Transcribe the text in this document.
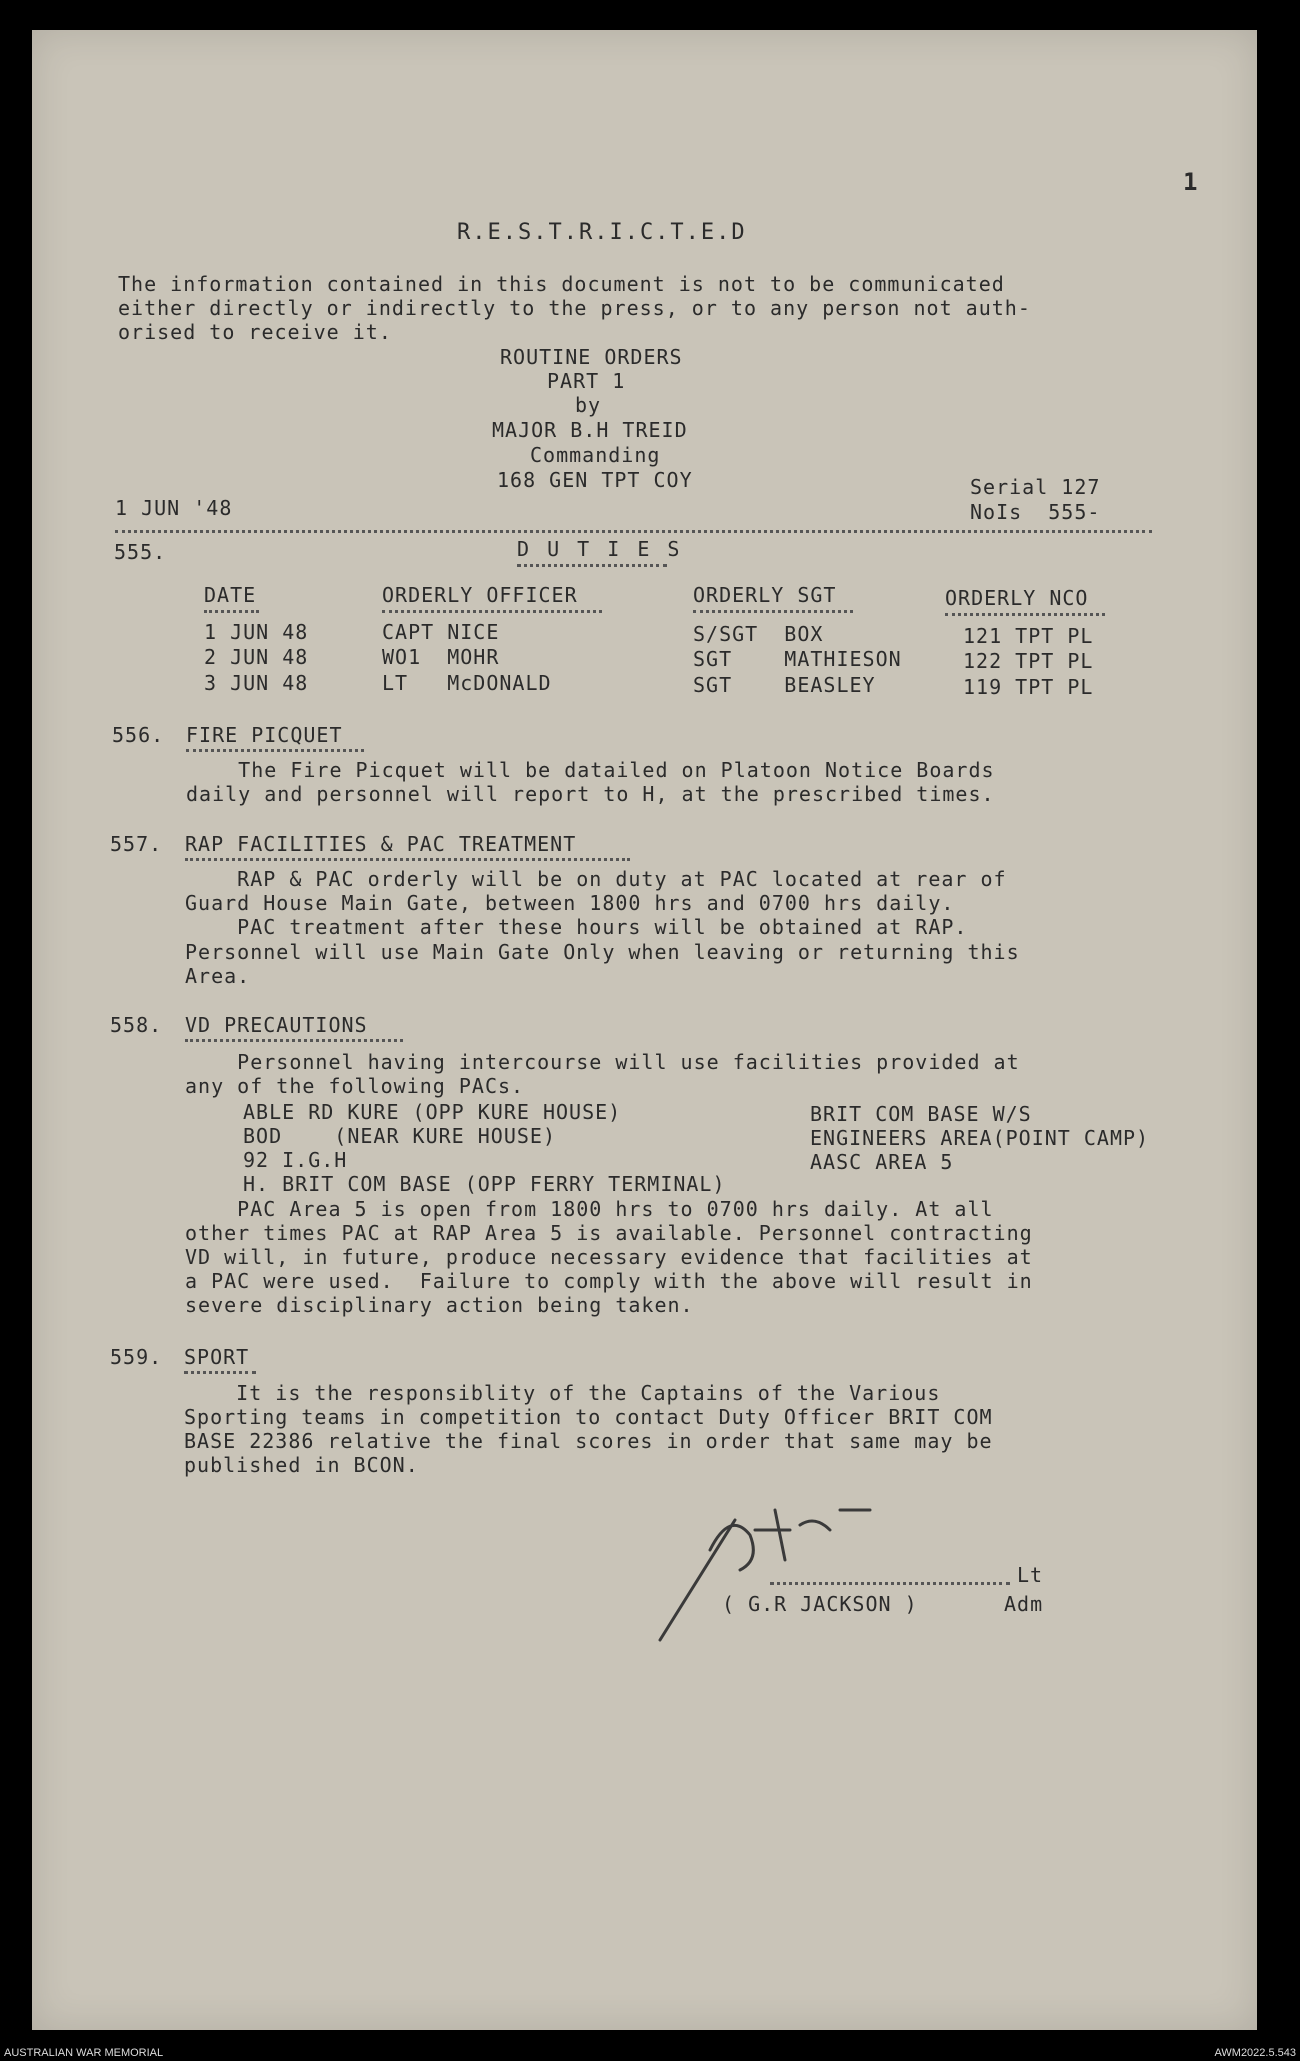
1
R.E.S.T.R.I.C.T.E.D
The information contained in this document is not to be communicated
either directly or indirectly to the press, or to any person not auth-
orised to receive it.
ROUTINE ORDERS
PART 1
by
MAJOR B.H TREID
Commanding
168 GEN TPT COY	Serial 127
1 JUN '48	NoIs  555-
555.	D U T I E S
DATE	ORDERLY OFFICER	ORDERLY SGT	ORDERLY NCO
1 JUN 48	CAPT NICE	S/SGT  BOX	121 TPT PL
2 JUN 48	WO1  MOHR	SGT    MATHIESON	122 TPT PL
3 JUN 48	LT   McDONALD	SGT    BEASLEY	119 TPT PL
556. FIRE PICQUET
The Fire Picquet will be datailed on Platoon Notice Boards
daily and personnel will report to H, at the prescribed times.
557. RAP FACILITIES & PAC TREATMENT
RAP & PAC orderly will be on duty at PAC located at rear of
Guard House Main Gate, between 1800 hrs and 0700 hrs daily.
PAC treatment after these hours will be obtained at RAP.
Personnel will use Main Gate Only when leaving or returning this
Area.
558. VD PRECAUTIONS
Personnel having intercourse will use facilities provided at
any of the following PACs.
ABLE RD KURE (OPP KURE HOUSE)
BOD    (NEAR KURE HOUSE)
92 I.G.H
H. BRIT COM BASE (OPP FERRY TERMINAL)
BRIT COM BASE W/S
ENGINEERS AREA(POINT CAMP)
AASC AREA 5
PAC Area 5 is open from 1800 hrs to 0700 hrs daily. At all
other times PAC at RAP Area 5 is available. Personnel contracting
VD will, in future, produce necessary evidence that facilities at
a PAC were used.  Failure to comply with the above will result in
severe disciplinary action being taken.
559. SPORT
It is the responsiblity of the Captains of the Various
Sporting teams in competition to contact Duty Officer BRIT COM
BASE 22386 relative the final scores in order that same may be
published in BCON.
Lt
( G.R JACKSON )	Adm
AUSTRALIAN WAR MEMORIAL	AWM2022.5.543
